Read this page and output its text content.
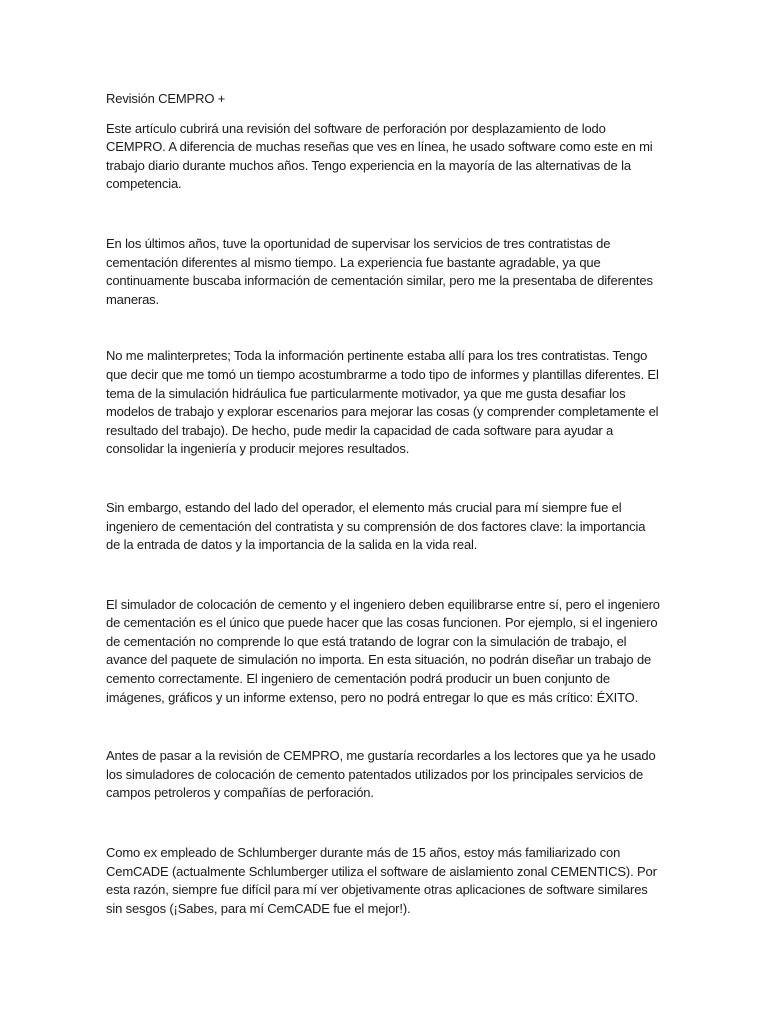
Revisión CEMPRO +

Este artículo cubrirá una revisión del software de perforación por desplazamiento de lodo CEMPRO. A diferencia de muchas reseñas que ves en línea, he usado software como este en mi trabajo diario durante muchos años. Tengo experiencia en la mayoría de las alternativas de la competencia.

En los últimos años, tuve la oportunidad de supervisar los servicios de tres contratistas de cementación diferentes al mismo tiempo. La experiencia fue bastante agradable, ya que continuamente buscaba información de cementación similar, pero me la presentaba de diferentes maneras.

No me malinterpretes; Toda la información pertinente estaba allí para los tres contratistas. Tengo que decir que me tomó un tiempo acostumbrarme a todo tipo de informes y plantillas diferentes. El tema de la simulación hidráulica fue particularmente motivador, ya que me gusta desafiar los modelos de trabajo y explorar escenarios para mejorar las cosas (y comprender completamente el resultado del trabajo). De hecho, pude medir la capacidad de cada software para ayudar a consolidar la ingeniería y producir mejores resultados.

Sin embargo, estando del lado del operador, el elemento más crucial para mí siempre fue el ingeniero de cementación del contratista y su comprensión de dos factores clave: la importancia de la entrada de datos y la importancia de la salida en la vida real.

El simulador de colocación de cemento y el ingeniero deben equilibrarse entre sí, pero el ingeniero de cementación es el único que puede hacer que las cosas funcionen. Por ejemplo, si el ingeniero de cementación no comprende lo que está tratando de lograr con la simulación de trabajo, el avance del paquete de simulación no importa. En esta situación, no podrán diseñar un trabajo de cemento correctamente. El ingeniero de cementación podrá producir un buen conjunto de imágenes, gráficos y un informe extenso, pero no podrá entregar lo que es más crítico: ÉXITO.

Antes de pasar a la revisión de CEMPRO, me gustaría recordarles a los lectores que ya he usado los simuladores de colocación de cemento patentados utilizados por los principales servicios de campos petroleros y compañías de perforación.

Como ex empleado de Schlumberger durante más de 15 años, estoy más familiarizado con CemCADE (actualmente Schlumberger utiliza el software de aislamiento zonal CEMENTICS). Por esta razón, siempre fue difícil para mí ver objetivamente otras aplicaciones de software similares sin sesgos (¡Sabes, para mí CemCADE fue el mejor!).
